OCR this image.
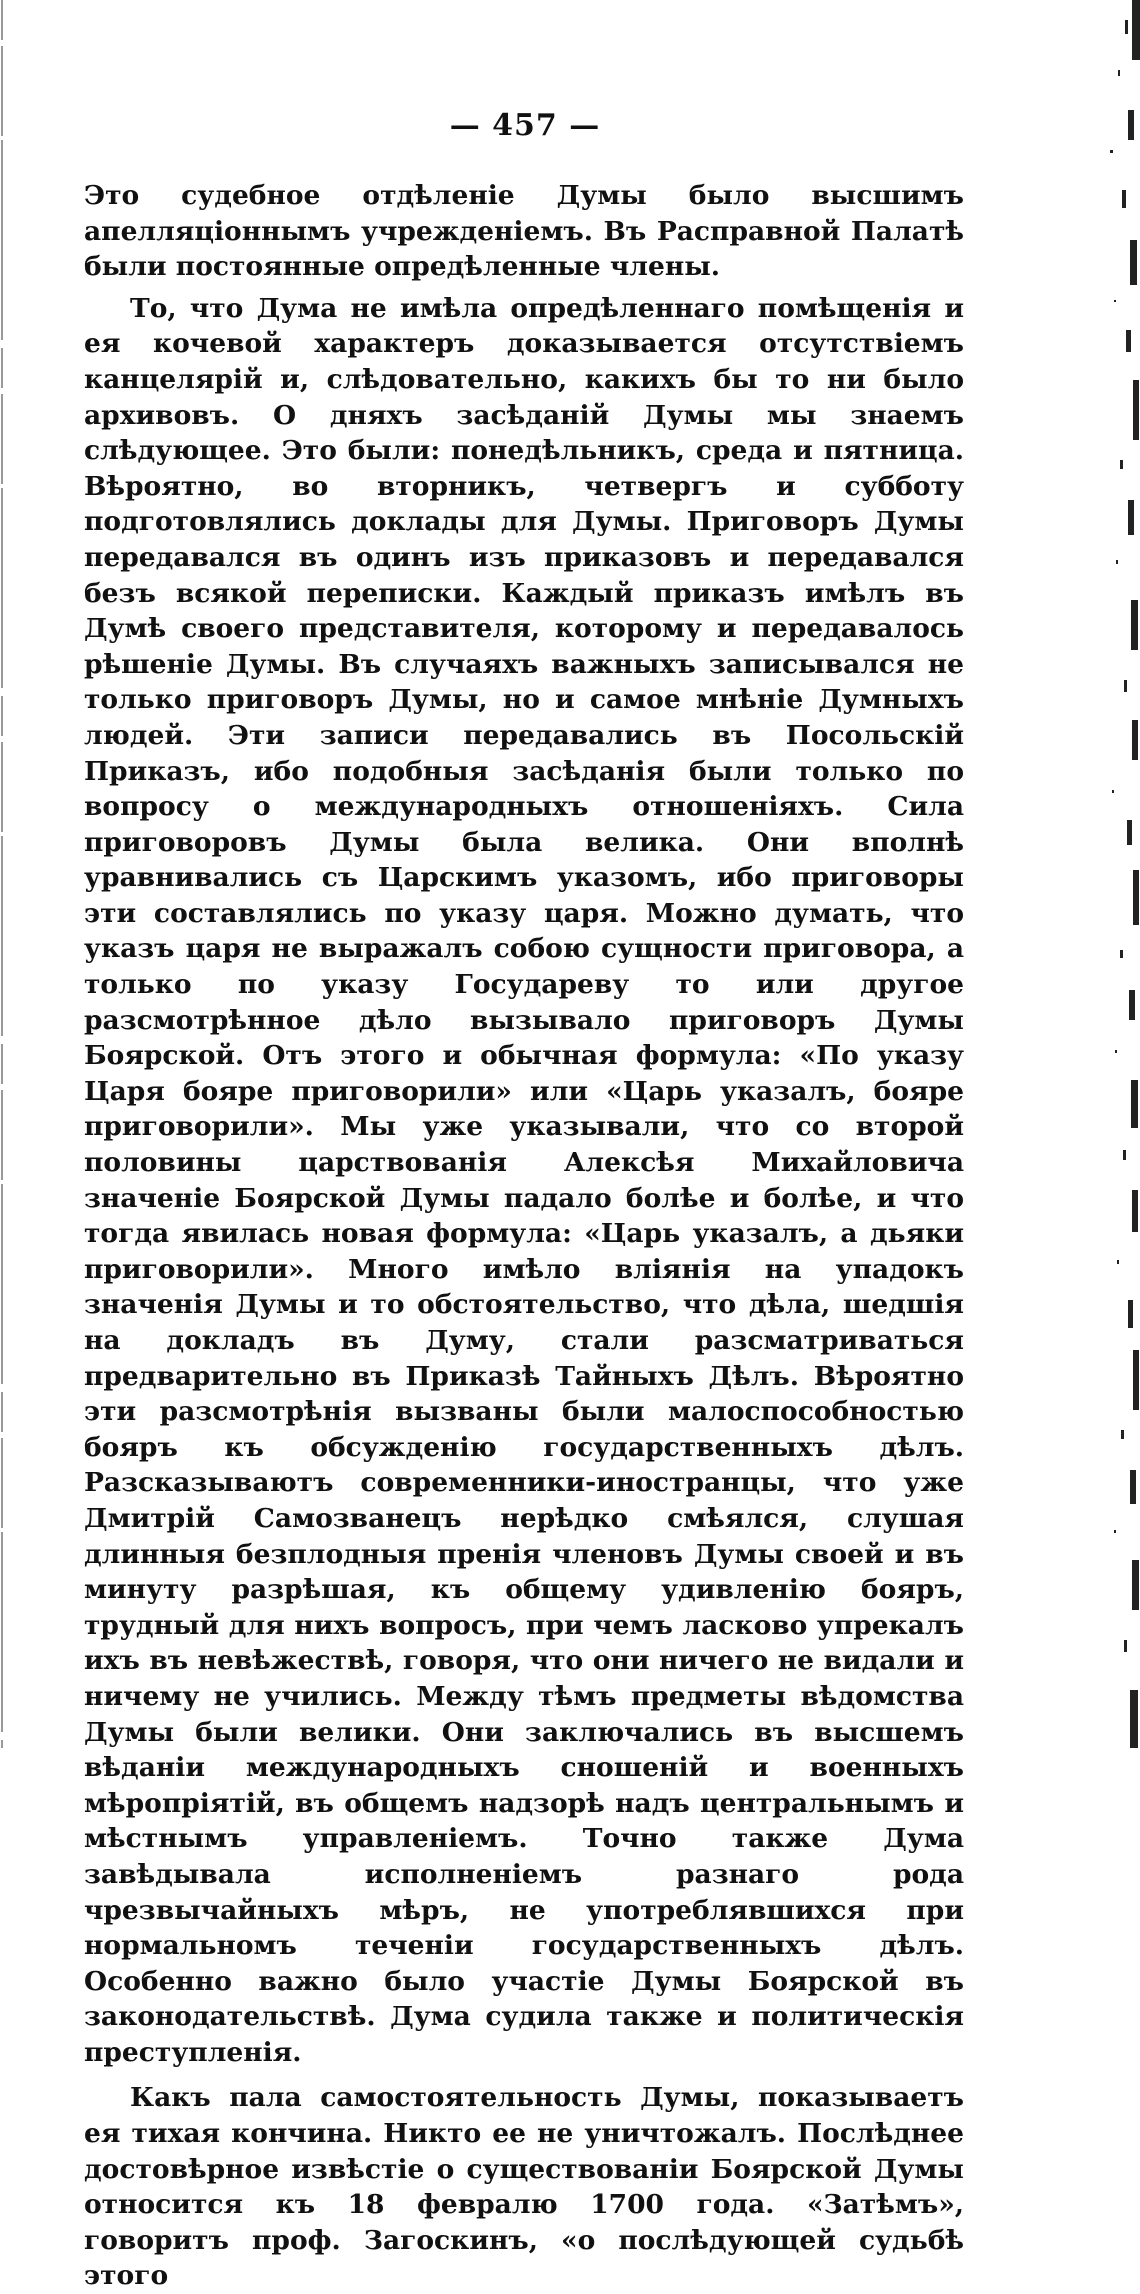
— 457 —

Это судебное отдѣленіе Думы было высшимъ апелляціоннымъ учрежденіемъ. Въ Расправной Палатѣ были постоянные опредѣленные члены.

То, что Дума не имѣла опредѣленнаго помѣщенія и ея кочевой характеръ доказывается отсутствіемъ канцелярій и, слѣдовательно, какихъ бы то ни было архивовъ. О дняхъ засѣданій Думы мы знаемъ слѣдующее. Это были: понедѣльникъ, среда и пятница. Вѣроятно, во вторникъ, четвергъ и субботу подготовлялись доклады для Думы. Приговоръ Думы передавался въ одинъ изъ приказовъ и передавался безъ всякой переписки. Каждый приказъ имѣлъ въ Думѣ своего представителя, которому и передавалось рѣшеніе Думы. Въ случаяхъ важныхъ записывался не только приговоръ Думы, но и самое мнѣніе Думныхъ людей. Эти записи передавались въ Посольскій Приказъ, ибо подобныя засѣданія были только по вопросу о международныхъ отношеніяхъ. Сила приговоровъ Думы была велика. Они вполнѣ уравнивались съ Царскимъ указомъ, ибо приговоры эти составлялись по указу царя. Можно думать, что указъ царя не выражалъ собою сущности приговора, а только по указу Государеву то или другое разсмотрѣнное дѣло вызывало приговоръ Думы Боярской. Отъ этого и обычная формула: «По указу Царя бояре приговорили» или «Царь указалъ, бояре приговорили». Мы уже указывали, что со второй половины царствованія Алексѣя Михайловича значеніе Боярской Думы падало болѣе и болѣе, и что тогда явилась новая формула: «Царь указалъ, а дьяки приговорили». Много имѣло вліянія на упадокъ значенія Думы и то обстоятельство, что дѣла, шедшія на докладъ въ Думу, стали разсматриваться предварительно въ Приказѣ Тайныхъ Дѣлъ. Вѣроятно эти разсмотрѣнія вызваны были малоспособностью бояръ къ обсужденію государственныхъ дѣлъ. Разсказываютъ современники-иностранцы, что уже Дмитрій Самозванецъ нерѣдко смѣялся, слушая длинныя безплодныя пренія членовъ Думы своей и въ минуту разрѣшая, къ общему удивленію бояръ, трудный для нихъ вопросъ, при чемъ ласково упрекалъ ихъ въ невѣжествѣ, говоря, что они ничего не видали и ничему не учились. Между тѣмъ предметы вѣдомства Думы были велики. Они заключались въ высшемъ вѣданіи международныхъ сношеній и военныхъ мѣропріятій, въ общемъ надзорѣ надъ центральнымъ и мѣстнымъ управленіемъ. Точно также Дума завѣдывала исполненіемъ разнаго рода чрезвычайныхъ мѣръ, не употреблявшихся при нормальномъ теченіи государственныхъ дѣлъ. Особенно важно было участіе Думы Боярской въ законодательствѣ. Дума судила также и политическія преступленія.

Какъ пала самостоятельность Думы, показываетъ ея тихая кончина. Никто ее не уничтожалъ. Послѣднее достовѣрное извѣстіе о существованіи Боярской Думы относится къ 18 февралю 1700 года. «Затѣмъ», говоритъ проф. Загоскинъ, «о послѣдующей судьбѣ этого
